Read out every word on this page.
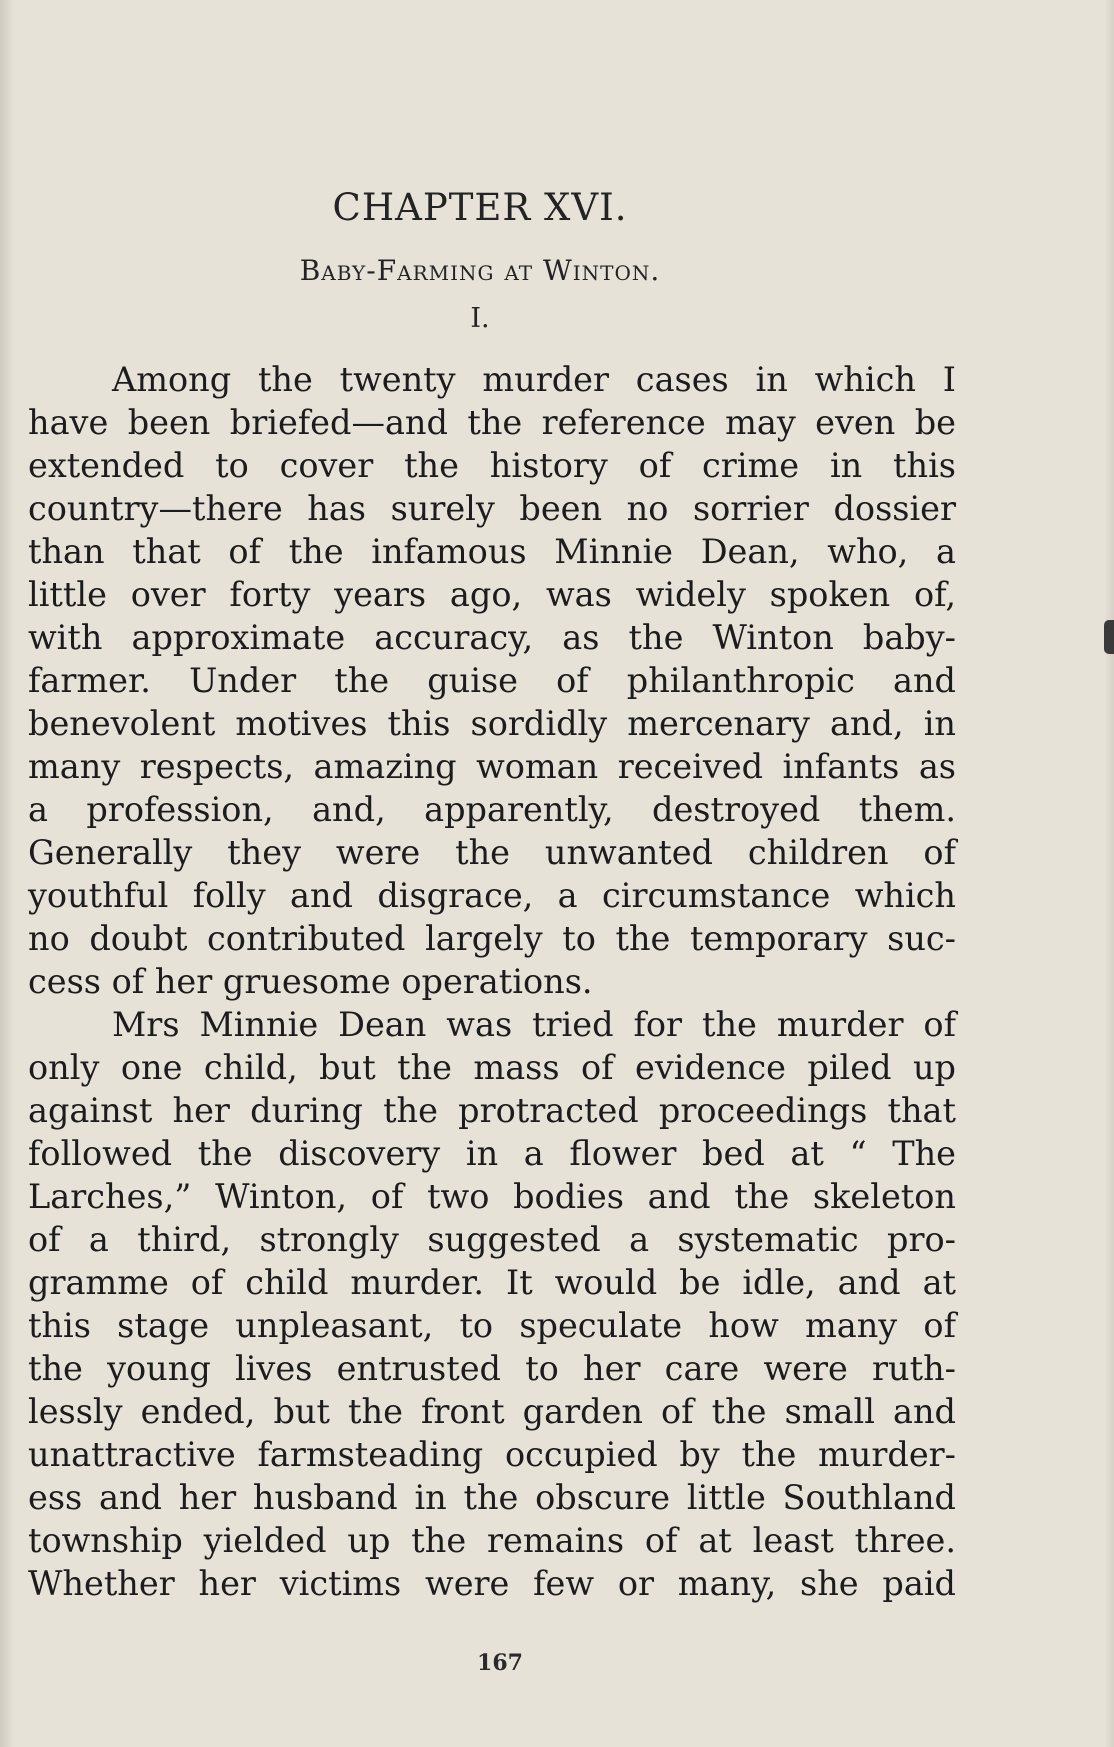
CHAPTER XVI.
Baby-Farming at Winton.
I.
Among the twenty murder cases in which I
have been briefed—and the reference may even be
extended to cover the history of crime in this
country—there has surely been no sorrier dossier
than that of the infamous Minnie Dean, who, a
little over forty years ago, was widely spoken of,
with approximate accuracy, as the Winton baby-
farmer. Under the guise of philanthropic and
benevolent motives this sordidly mercenary and, in
many respects, amazing woman received infants as
a profession, and, apparently, destroyed them.
Generally they were the unwanted children of
youthful folly and disgrace, a circumstance which
no doubt contributed largely to the temporary suc-
cess of her gruesome operations.
Mrs Minnie Dean was tried for the murder of
only one child, but the mass of evidence piled up
against her during the protracted proceedings that
followed the discovery in a flower bed at “ The
Larches,” Winton, of two bodies and the skeleton
of a third, strongly suggested a systematic pro-
gramme of child murder. It would be idle, and at
this stage unpleasant, to speculate how many of
the young lives entrusted to her care were ruth-
lessly ended, but the front garden of the small and
unattractive farmsteading occupied by the murder-
ess and her husband in the obscure little Southland
township yielded up the remains of at least three.
Whether her victims were few or many, she paid
167
